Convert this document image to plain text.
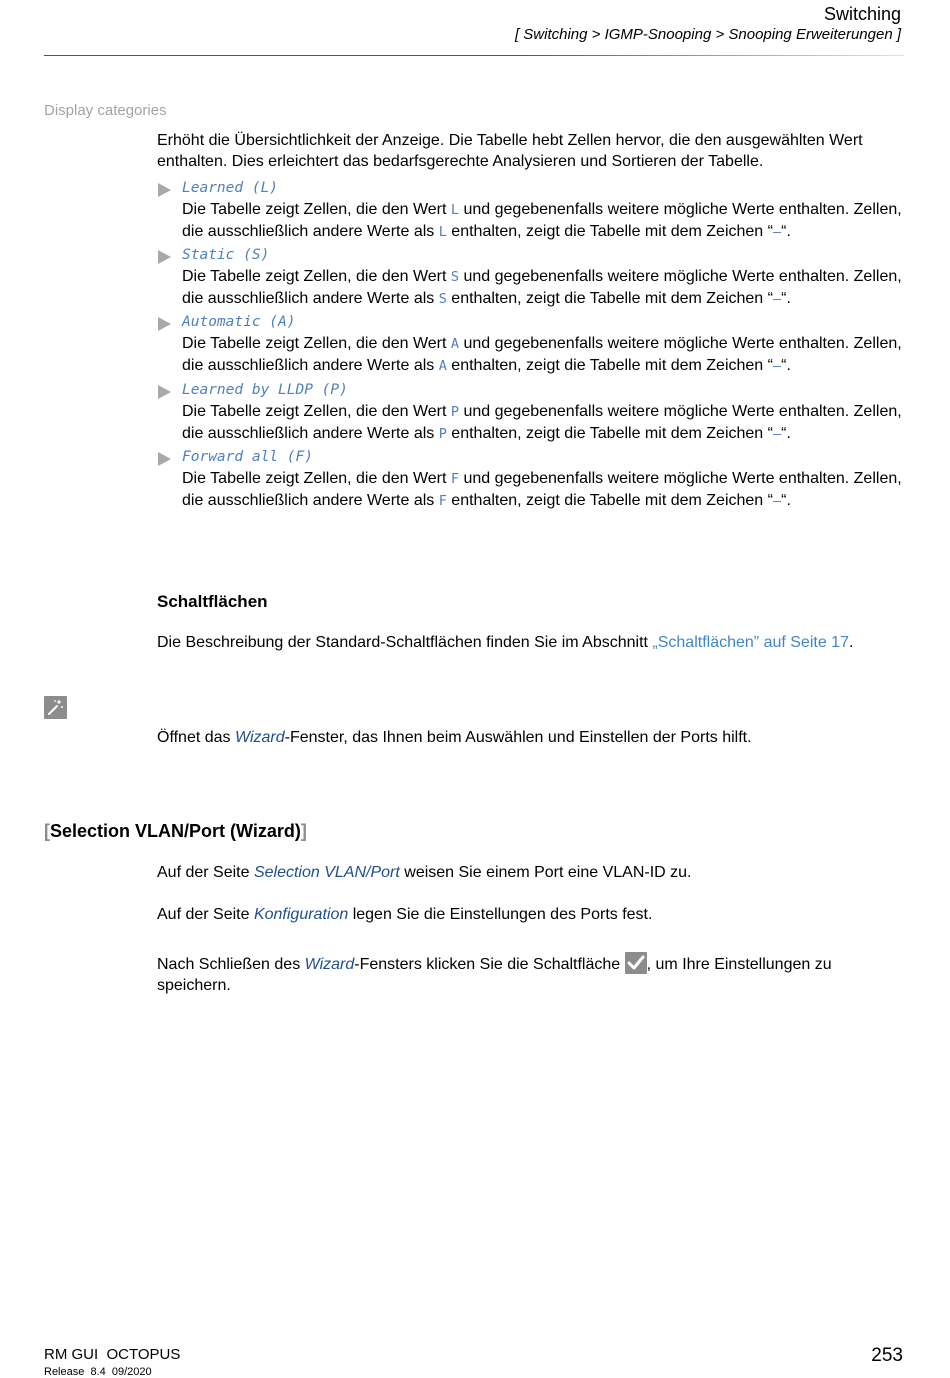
Switching
[ Switching > IGMP-Snooping > Snooping Erweiterungen ]
Display categories
Erhöht die Übersichtlichkeit der Anzeige. Die Tabelle hebt Zellen hervor, die den ausgewählten Wert enthalten. Dies erleichtert das bedarfsgerechte Analysieren und Sortieren der Tabelle.
Learned (L)
Die Tabelle zeigt Zellen, die den Wert L und gegebenenfalls weitere mögliche Werte enthalten. Zellen, die ausschließlich andere Werte als L enthalten, zeigt die Tabelle mit dem Zeichen “–“.
Static (S)
Die Tabelle zeigt Zellen, die den Wert S und gegebenenfalls weitere mögliche Werte enthalten. Zellen, die ausschließlich andere Werte als S enthalten, zeigt die Tabelle mit dem Zeichen “–“.
Automatic (A)
Die Tabelle zeigt Zellen, die den Wert A und gegebenenfalls weitere mögliche Werte enthalten. Zellen, die ausschließlich andere Werte als A enthalten, zeigt die Tabelle mit dem Zeichen “–“.
Learned by LLDP (P)
Die Tabelle zeigt Zellen, die den Wert P und gegebenenfalls weitere mögliche Werte enthalten. Zellen, die ausschließlich andere Werte als P enthalten, zeigt die Tabelle mit dem Zeichen “–“.
Forward all (F)
Die Tabelle zeigt Zellen, die den Wert F und gegebenenfalls weitere mögliche Werte enthalten. Zellen, die ausschließlich andere Werte als F enthalten, zeigt die Tabelle mit dem Zeichen “–“.
Schaltflächen
Die Beschreibung der Standard-Schaltflächen finden Sie im Abschnitt „Schaltflächen” auf Seite 17.
Öffnet das Wizard-Fenster, das Ihnen beim Auswählen und Einstellen der Ports hilft.
[Selection VLAN/Port (Wizard)]
Auf der Seite Selection VLAN/Port weisen Sie einem Port eine VLAN-ID zu.
Auf der Seite Konfiguration legen Sie die Einstellungen des Ports fest.
Nach Schließen des Wizard-Fensters klicken Sie die Schaltfläche
, um Ihre Einstellungen zu speichern.
RM GUI  OCTOPUS
Release  8.4  09/2020
253
